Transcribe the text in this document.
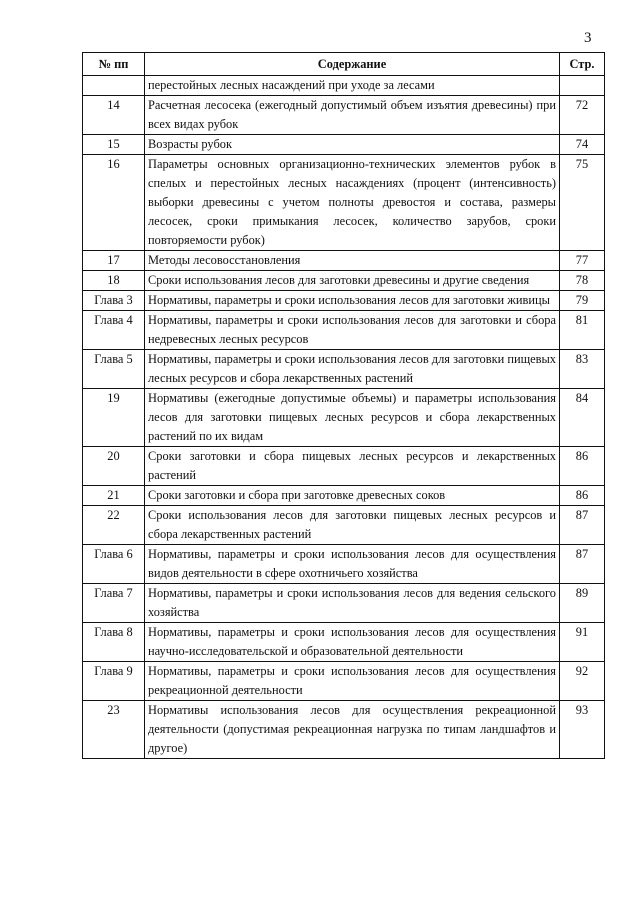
3
№ пп	Содержание	Стр.
	перестойных лесных насаждений при уходе за лесами	
14	Расчетная лесосека (ежегодный допустимый объем изъятия древесины) при всех видах рубок	72
15	Возрасты рубок	74
16	Параметры основных организационно-технических элементов рубок в спелых и перестойных лесных насаждениях (процент (интенсивность) выборки древесины с учетом полноты древостоя и состава, размеры лесосек, сроки примыкания лесосек, количество зарубов, сроки повторяемости рубок)	75
17	Методы лесовосстановления	77
18	Сроки использования лесов для заготовки древесины и другие сведения	78
Глава 3	Нормативы, параметры и сроки использования лесов для заготовки живицы	79
Глава 4	Нормативы, параметры и сроки использования лесов для заготовки и сбора недревесных лесных ресурсов	81
Глава 5	Нормативы, параметры и сроки использования лесов для заготовки пищевых лесных ресурсов и сбора лекарственных растений	83
19	Нормативы (ежегодные допустимые объемы) и параметры использования лесов для заготовки пищевых лесных ресурсов и сбора лекарственных растений по их видам	84
20	Сроки заготовки и сбора пищевых лесных ресурсов и лекарственных растений	86
21	Сроки заготовки и сбора при заготовке древесных соков	86
22	Сроки использования лесов для заготовки пищевых лесных ресурсов и сбора лекарственных растений	87
Глава 6	Нормативы, параметры и сроки использования лесов для осуществления видов деятельности в сфере охотничьего хозяйства	87
Глава 7	Нормативы, параметры и сроки использования лесов для ведения сельского хозяйства	89
Глава 8	Нормативы, параметры и сроки использования лесов для осуществления научно-исследовательской и образовательной деятельности	91
Глава 9	Нормативы, параметры и сроки использования лесов для осуществления рекреационной деятельности	92
23	Нормативы использования лесов для осуществления рекреационной деятельности (допустимая рекреационная нагрузка по типам ландшафтов и другое)	93
